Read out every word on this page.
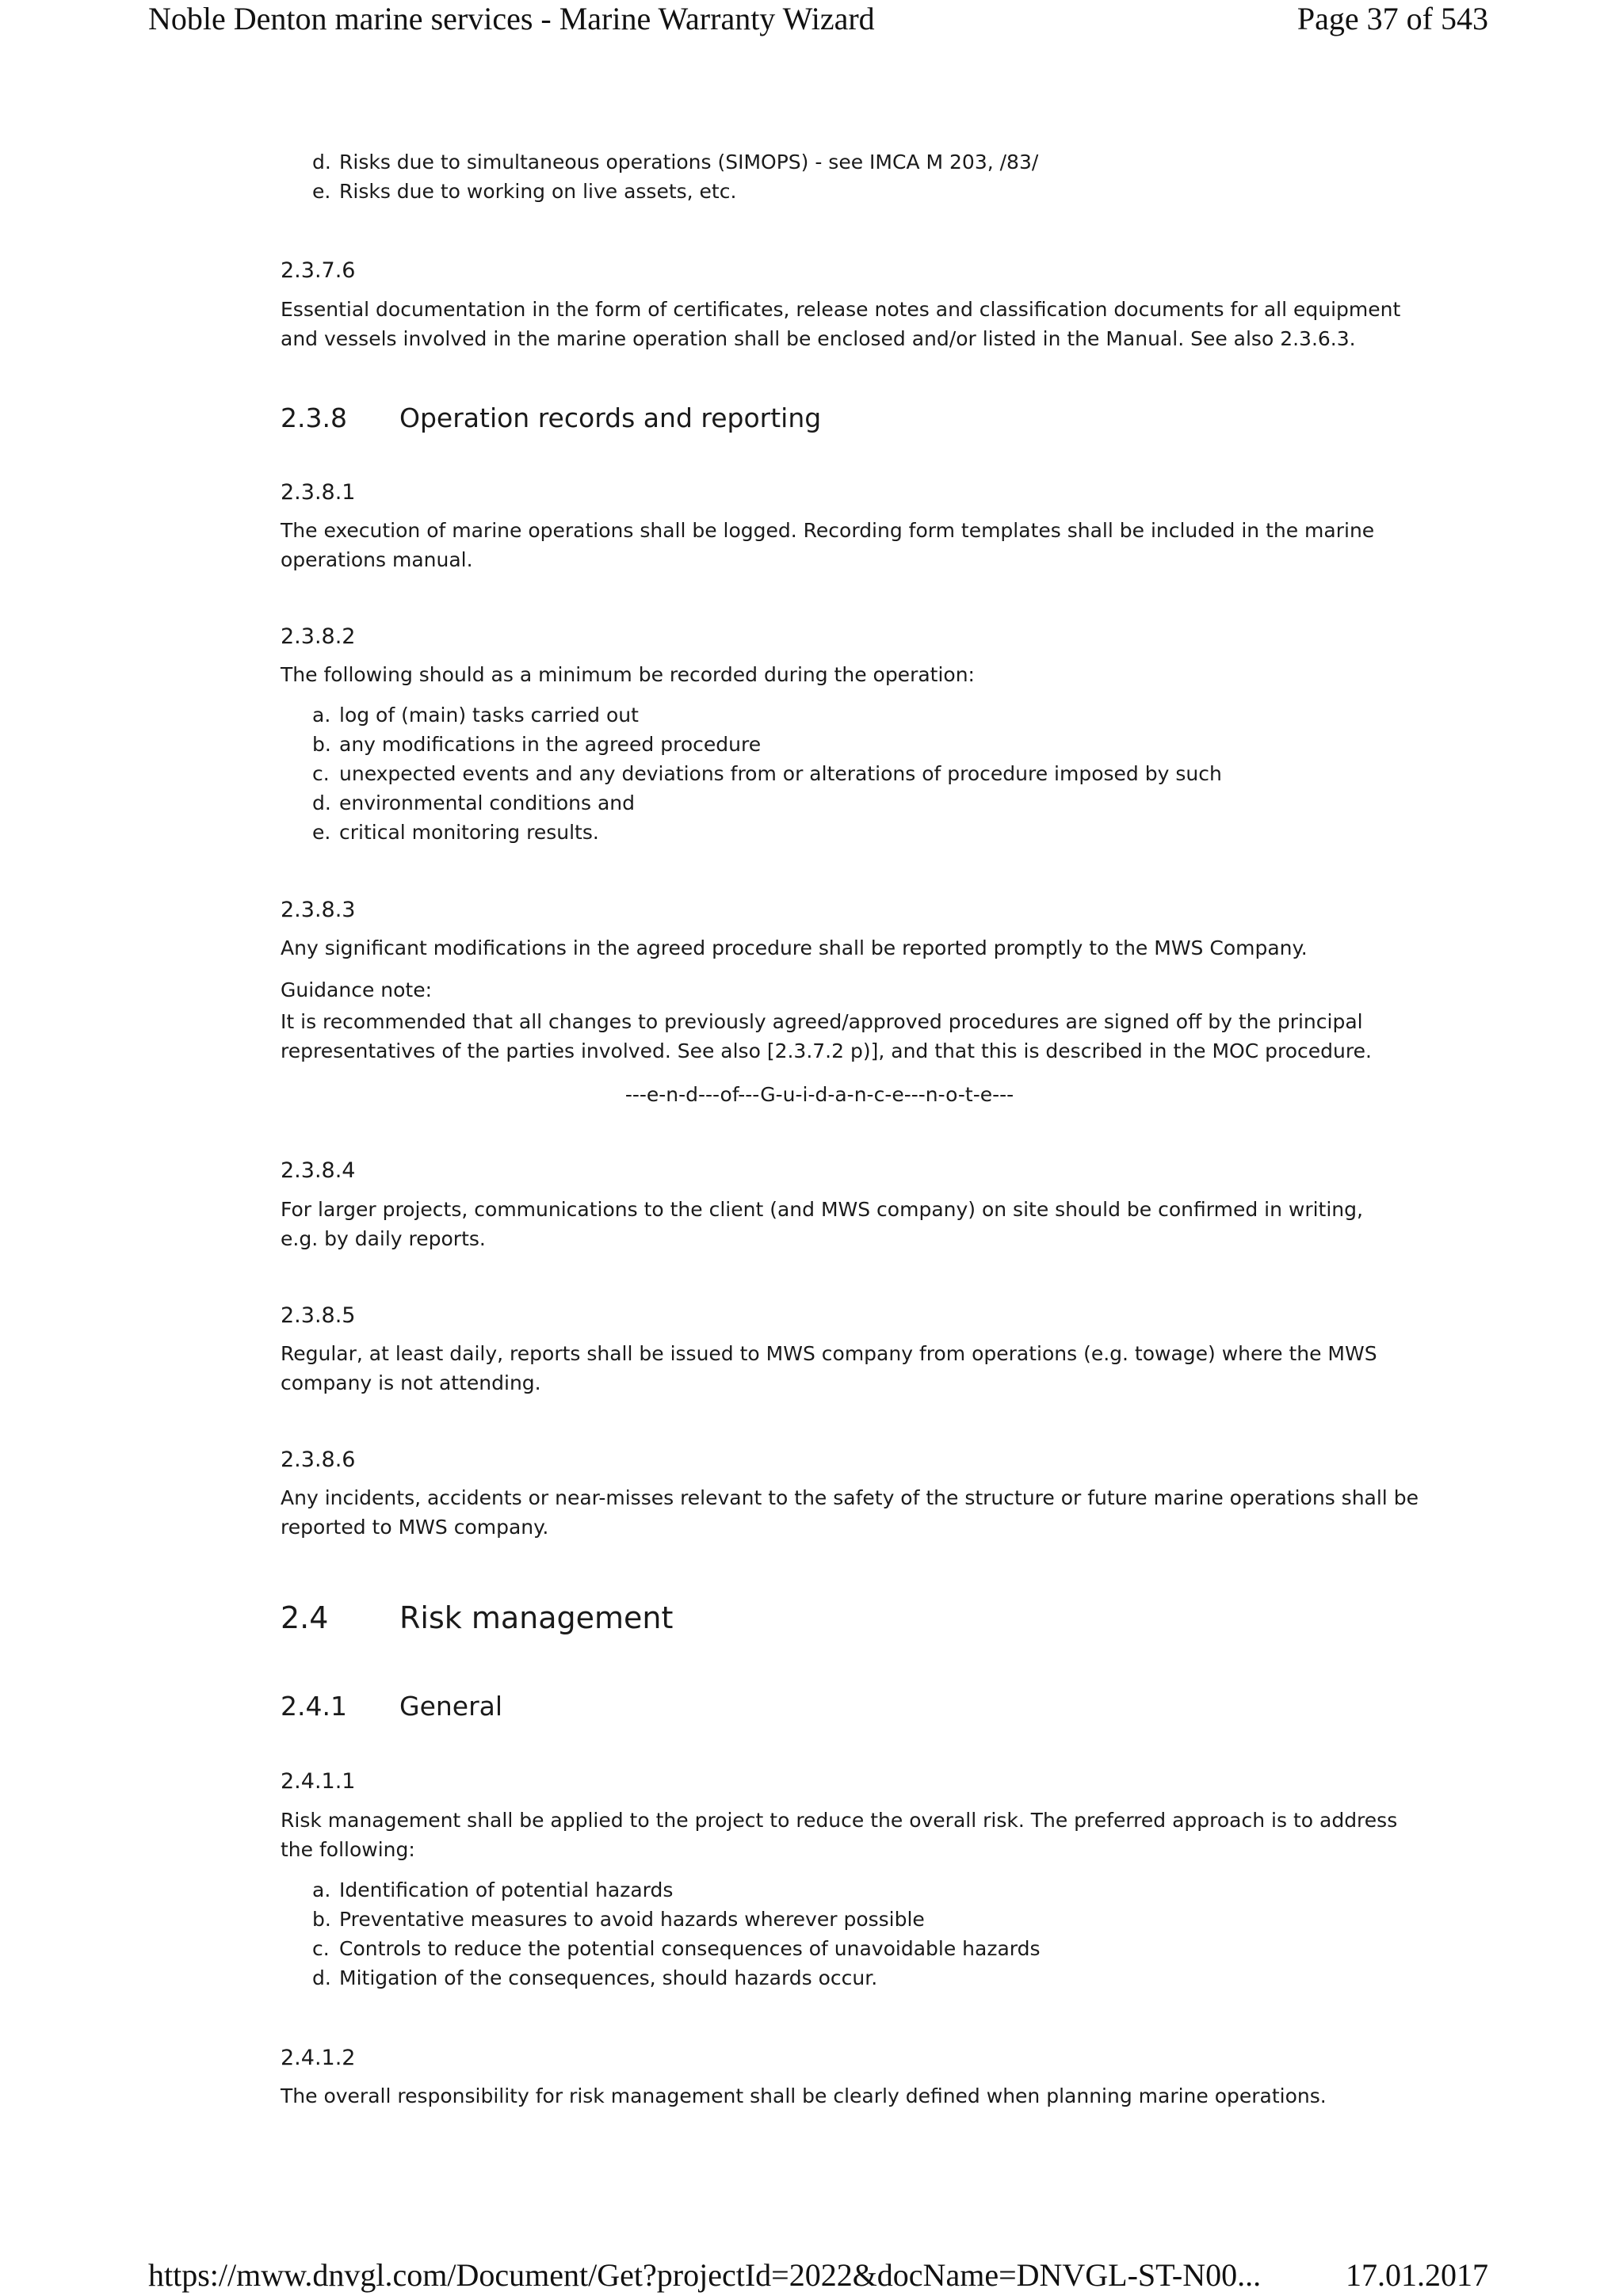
Noble Denton marine services - Marine Warranty Wizard	Page 37 of 543
d. Risks due to simultaneous operations (SIMOPS) - see IMCA M 203, /83/
e. Risks due to working on live assets, etc.
2.3.7.6
Essential documentation in the form of certificates, release notes and classification documents for all equipment
and vessels involved in the marine operation shall be enclosed and/or listed in the Manual. See also 2.3.6.3.
2.3.8 Operation records and reporting
2.3.8.1
The execution of marine operations shall be logged. Recording form templates shall be included in the marine
operations manual.
2.3.8.2
The following should as a minimum be recorded during the operation:
a. log of (main) tasks carried out
b. any modifications in the agreed procedure
c. unexpected events and any deviations from or alterations of procedure imposed by such
d. environmental conditions and
e. critical monitoring results.
2.3.8.3
Any significant modifications in the agreed procedure shall be reported promptly to the MWS Company.
Guidance note:
It is recommended that all changes to previously agreed/approved procedures are signed off by the principal
representatives of the parties involved. See also [2.3.7.2 p)], and that this is described in the MOC procedure.
---e-n-d---of---G-u-i-d-a-n-c-e---n-o-t-e---
2.3.8.4
For larger projects, communications to the client (and MWS company) on site should be confirmed in writing,
e.g. by daily reports.
2.3.8.5
Regular, at least daily, reports shall be issued to MWS company from operations (e.g. towage) where the MWS
company is not attending.
2.3.8.6
Any incidents, accidents or near-misses relevant to the safety of the structure or future marine operations shall be
reported to MWS company.
2.4 Risk management
2.4.1 General
2.4.1.1
Risk management shall be applied to the project to reduce the overall risk. The preferred approach is to address
the following:
a. Identification of potential hazards
b. Preventative measures to avoid hazards wherever possible
c. Controls to reduce the potential consequences of unavoidable hazards
d. Mitigation of the consequences, should hazards occur.
2.4.1.2
The overall responsibility for risk management shall be clearly defined when planning marine operations.
https://mww.dnvgl.com/Document/Get?projectId=2022&docName=DNVGL-ST-N00...	17.01.2017
